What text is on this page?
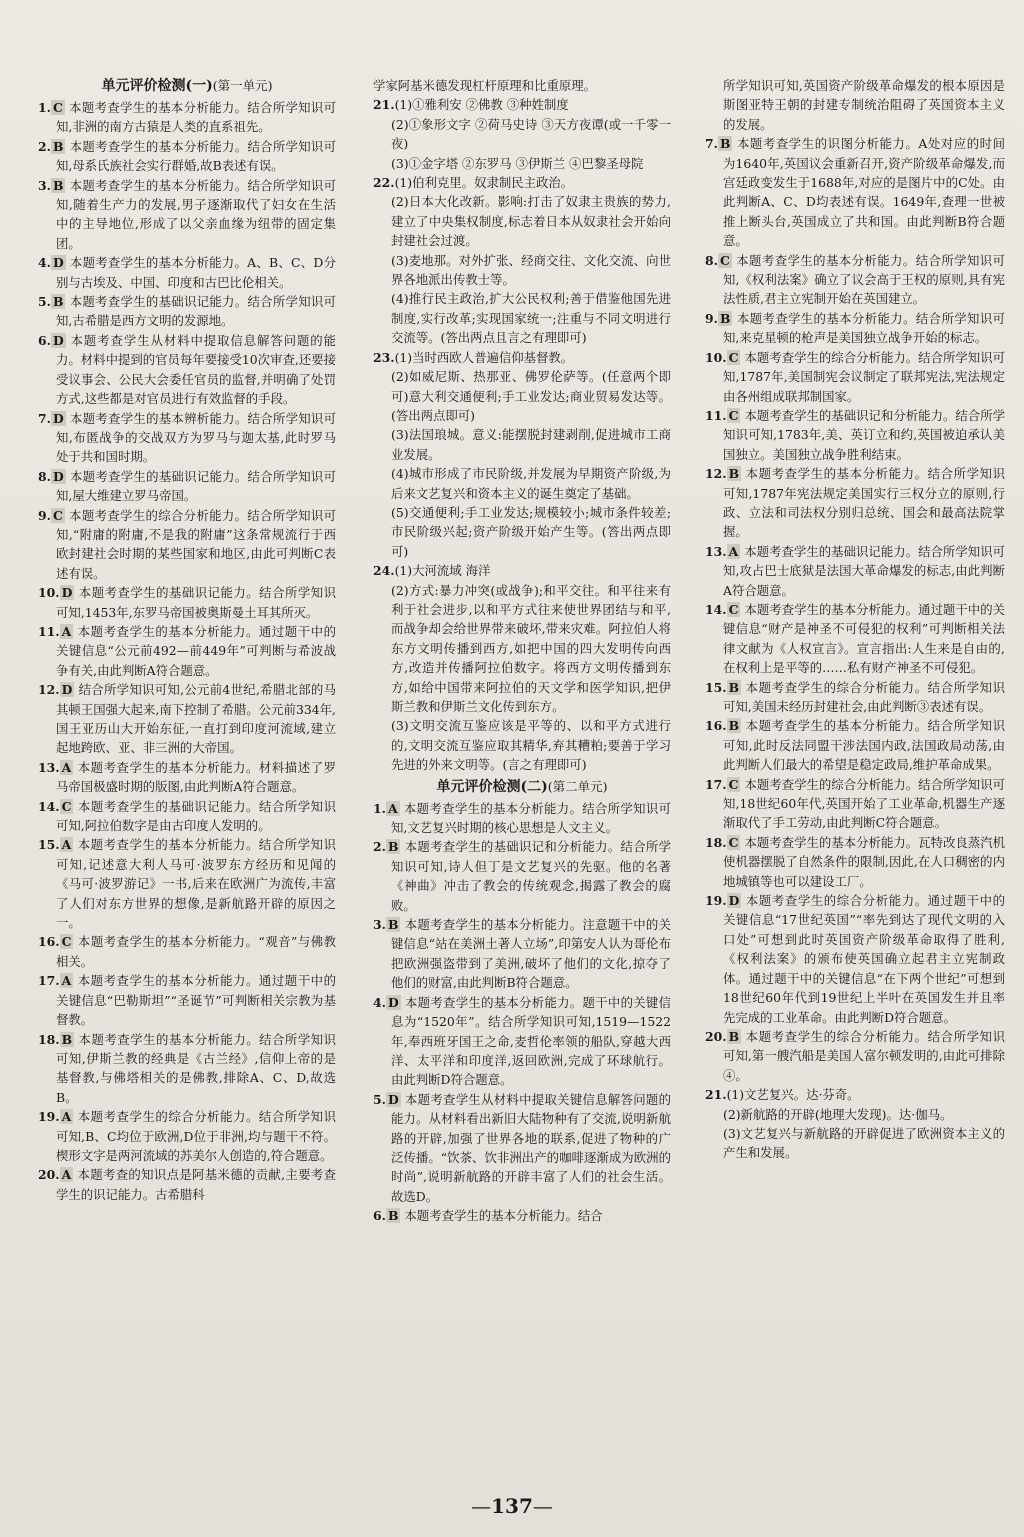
单元评价检测(一)(第一单元)

1. C 本题考查学生的基本分析能力。结合所学知识可知,非洲的南方古猿是人类的直系祖先。

2. B 本题考查学生的基本分析能力。结合所学知识可知,母系氏族社会实行群婚,故B表述有误。

3. B 本题考查学生的基本分析能力。结合所学知识可知,随着生产力的发展,男子逐渐取代了妇女在生活中的主导地位,形成了以父亲血缘为纽带的固定集团。

4. D 本题考查学生的基本分析能力。A、B、C、D分别与古埃及、中国、印度和古巴比伦相关。

5. B 本题考查学生的基础识记能力。结合所学知识可知,古希腊是西方文明的发源地。

6. D 本题考查学生从材料中提取信息解答问题的能力。材料中提到的官员每年要接受10次审查,还要接受议事会、公民大会委任官员的监督,并明确了处罚方式,这些都是对官员进行有效监督的手段。

7. D 本题考查学生的基本辨析能力。结合所学知识可知,布匿战争的交战双方为罗马与迦太基,此时罗马处于共和国时期。

8. D 本题考查学生的基础识记能力。结合所学知识可知,屋大维建立罗马帝国。

9. C 本题考查学生的综合分析能力。结合所学知识可知,“附庸的附庸,不是我的附庸”这条常规流行于西欧封建社会时期的某些国家和地区,由此可判断C表述有误。

10. D 本题考查学生的基础识记能力。结合所学知识可知,1453年,东罗马帝国被奥斯曼土耳其所灭。

11. A 本题考查学生的基本分析能力。通过题干中的关键信息“公元前492—前449年”可判断与希波战争有关,由此判断A符合题意。

12. D 结合所学知识可知,公元前4世纪,希腊北部的马其顿王国强大起来,南下控制了希腊。公元前334年,国王亚历山大开始东征,一直打到印度河流域,建立起地跨欧、亚、非三洲的大帝国。

13. A 本题考查学生的基本分析能力。材料描述了罗马帝国极盛时期的版图,由此判断A符合题意。

14. C 本题考查学生的基础识记能力。结合所学知识可知,阿拉伯数字是由古印度人发明的。

15. A 本题考查学生的基本分析能力。结合所学知识可知,记述意大利人马可·波罗东方经历和见闻的《马可·波罗游记》一书,后来在欧洲广为流传,丰富了人们对东方世界的想像,是新航路开辟的原因之一。

16. C 本题考查学生的基本分析能力。“观音”与佛教相关。

17. A 本题考查学生的基本分析能力。通过题干中的关键信息“巴勒斯坦”“圣诞节”可判断相关宗教为基督教。

18. B 本题考查学生的基本分析能力。结合所学知识可知,伊斯兰教的经典是《古兰经》,信仰上帝的是基督教,与佛塔相关的是佛教,排除A、C、D,故选B。

19. A 本题考查学生的综合分析能力。结合所学知识可知,B、C均位于欧洲,D位于非洲,均与题干不符。楔形文字是两河流域的苏美尔人创造的,符合题意。

20. A 本题考查的知识点是阿基米德的贡献,主要考查学生的识记能力。古希腊科

学家阿基米德发现杠杆原理和比重原理。

21.(1)①雅利安 ②佛教 ③种姓制度

(2)①象形文字 ②荷马史诗 ③天方夜谭(或一千零一夜)

(3)①金字塔 ②东罗马 ③伊斯兰 ④巴黎圣母院

22.(1)伯利克里。奴隶制民主政治。

(2)日本大化改新。影响:打击了奴隶主贵族的势力,建立了中央集权制度,标志着日本从奴隶社会开始向封建社会过渡。

(3)麦地那。对外扩张、经商交往、文化交流、向世界各地派出传教士等。

(4)推行民主政治,扩大公民权利;善于借鉴他国先进制度,实行改革;实现国家统一;注重与不同文明进行交流等。(答出两点且言之有理即可)

23.(1)当时西欧人普遍信仰基督教。

(2)如威尼斯、热那亚、佛罗伦萨等。(任意两个即可)意大利交通便利;手工业发达;商业贸易发达等。(答出两点即可)

(3)法国琅城。意义:能摆脱封建剥削,促进城市工商业发展。

(4)城市形成了市民阶级,并发展为早期资产阶级,为后来文艺复兴和资本主义的诞生奠定了基础。

(5)交通便利;手工业发达;规模较小;城市条件较差;市民阶级兴起;资产阶级开始产生等。(答出两点即可)

24.(1)大河流域 海洋

(2)方式:暴力冲突(或战争);和平交往。和平往来有利于社会进步,以和平方式往来使世界团结与和平,而战争却会给世界带来破坏,带来灾难。阿拉伯人将东方文明传播到西方,如把中国的四大发明传向西方,改造并传播阿拉伯数字。将西方文明传播到东方,如给中国带来阿拉伯的天文学和医学知识,把伊斯兰教和伊斯兰文化传到东方。

(3)文明交流互鉴应该是平等的、以和平方式进行的,文明交流互鉴应取其精华,弃其糟粕;要善于学习先进的外来文明等。(言之有理即可)

单元评价检测(二)(第二单元)

1. A 本题考查学生的基本分析能力。结合所学知识可知,文艺复兴时期的核心思想是人文主义。

2. B 本题考查学生的基础识记和分析能力。结合所学知识可知,诗人但丁是文艺复兴的先驱。他的名著《神曲》冲击了教会的传统观念,揭露了教会的腐败。

3. B 本题考查学生的基本分析能力。注意题干中的关键信息“站在美洲土著人立场”,印第安人认为哥伦布把欧洲强盗带到了美洲,破坏了他们的文化,掠夺了他们的财富,由此判断B符合题意。

4. D 本题考查学生的基本分析能力。题干中的关键信息为“1520年”。结合所学知识可知,1519—1522年,奉西班牙国王之命,麦哲伦率领的船队,穿越大西洋、太平洋和印度洋,返回欧洲,完成了环球航行。由此判断D符合题意。

5. D 本题考查学生从材料中提取关键信息解答问题的能力。从材料看出新旧大陆物种有了交流,说明新航路的开辟,加强了世界各地的联系,促进了物种的广泛传播。“饮茶、饮非洲出产的咖啡逐渐成为欧洲的时尚”,说明新航路的开辟丰富了人们的社会生活。故选D。

6. B 本题考查学生的基本分析能力。结合

所学知识可知,英国资产阶级革命爆发的根本原因是斯图亚特王朝的封建专制统治阻碍了英国资本主义的发展。

7. B 本题考查学生的识图分析能力。A处对应的时间为1640年,英国议会重新召开,资产阶级革命爆发,而宫廷政变发生于1688年,对应的是图片中的C处。由此判断A、C、D均表述有误。1649年,查理一世被推上断头台,英国成立了共和国。由此判断B符合题意。

8. C 本题考查学生的基本分析能力。结合所学知识可知,《权利法案》确立了议会高于王权的原则,具有宪法性质,君主立宪制开始在英国建立。

9. B 本题考查学生的基本分析能力。结合所学知识可知,来克星顿的枪声是美国独立战争开始的标志。

10. C 本题考查学生的综合分析能力。结合所学知识可知,1787年,美国制宪会议制定了联邦宪法,宪法规定由各州组成联邦制国家。

11. C 本题考查学生的基础识记和分析能力。结合所学知识可知,1783年,美、英订立和约,英国被迫承认美国独立。美国独立战争胜利结束。

12. B 本题考查学生的基本分析能力。结合所学知识可知,1787年宪法规定美国实行三权分立的原则,行政、立法和司法权分别归总统、国会和最高法院掌握。

13. A 本题考查学生的基础识记能力。结合所学知识可知,攻占巴士底狱是法国大革命爆发的标志,由此判断A符合题意。

14. C 本题考查学生的基本分析能力。通过题干中的关键信息“财产是神圣不可侵犯的权利”可判断相关法律文献为《人权宣言》。宣言指出:人生来是自由的,在权利上是平等的……私有财产神圣不可侵犯。

15. B 本题考查学生的综合分析能力。结合所学知识可知,美国未经历封建社会,由此判断③表述有误。

16. B 本题考查学生的基本分析能力。结合所学知识可知,此时反法同盟干涉法国内政,法国政局动荡,由此判断人们最大的希望是稳定政局,维护革命成果。

17. C 本题考查学生的综合分析能力。结合所学知识可知,18世纪60年代,英国开始了工业革命,机器生产逐渐取代了手工劳动,由此判断C符合题意。

18. C 本题考查学生的基本分析能力。瓦特改良蒸汽机使机器摆脱了自然条件的限制,因此,在人口稠密的内地城镇等也可以建设工厂。

19. D 本题考查学生的综合分析能力。通过题干中的关键信息“17世纪英国”“率先到达了现代文明的入口处”可想到此时英国资产阶级革命取得了胜利,《权利法案》的颁布使英国确立起君主立宪制政体。通过题干中的关键信息“在下两个世纪”可想到18世纪60年代到19世纪上半叶在英国发生并且率先完成的工业革命。由此判断D符合题意。

20. B 本题考查学生的综合分析能力。结合所学知识可知,第一艘汽船是美国人富尔顿发明的,由此可排除④。

21.(1)文艺复兴。达·芬奇。

(2)新航路的开辟(地理大发现)。达·伽马。

(3)文艺复兴与新航路的开辟促进了欧洲资本主义的产生和发展。

—137—
